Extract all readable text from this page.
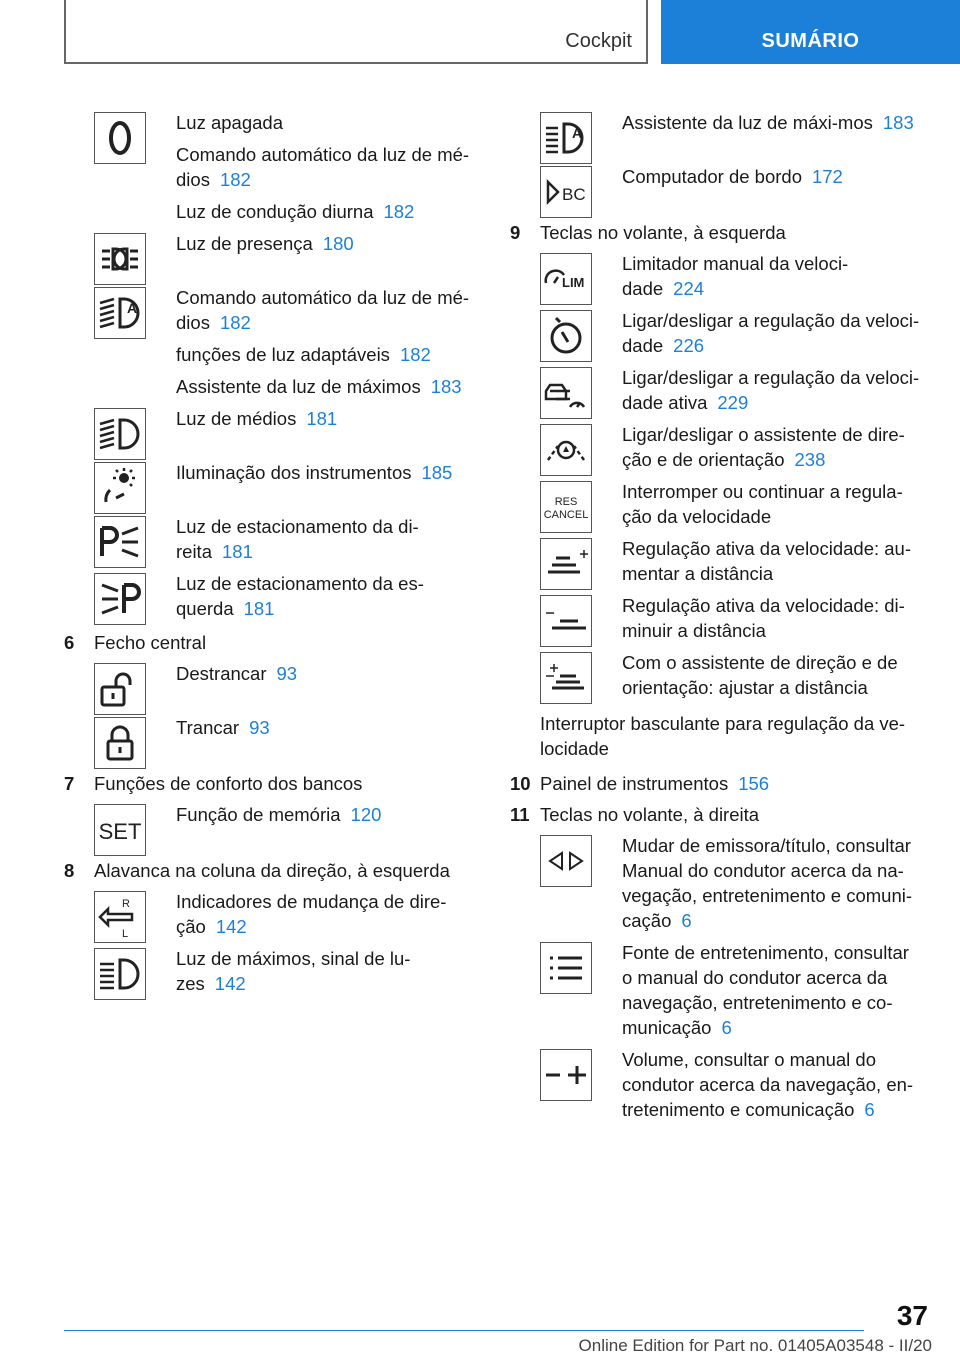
Cockpit	SUMÁRIO

Luz apagada

Comando automático da luz de mé-dios 182

Luz de condução diurna 182

Luz de presença 180

A Comando automático da luz de mé-dios 182

funções de luz adaptáveis 182

Assistente da luz de máximos 183

Luz de médios 181

Iluminação dos instrumentos 185

Luz de estacionamento da di-reita 181

Luz de estacionamento da es-querda 181

6	Fecho central

Destrancar 93

Trancar 93

7	Funções de conforto dos bancos
SET

Função de memória 120

8	Alavanca na coluna da direção, à esquerda
R
L

Indicadores de mudança de dire-ção 142

Luz de máximos, sinal de lu-zes 142

A Assistente da luz de máxi-mos 183

BC

Computador de bordo 172

9	Teclas no volante, à esquerda
LIM

Limitador manual da veloci-dade 224

Ligar/desligar a regulação da veloci-dade 226

Ligar/desligar a regulação da veloci-dade ativa 229

Ligar/desligar o assistente de dire-ção e de orientação 238

RES
CANCEL

Interromper ou continuar a regula-ção da velocidade

Regulação ativa da velocidade: au-mentar a distância

Regulação ativa da velocidade: di-minuir a distância

Com o assistente de direção e de orientação: ajustar a distância

Interruptor basculante para regulação da ve-locidade
10 Painel de instrumentos 156
11 Teclas no volante, à direita

Mudar de emissora/título, consultar Manual do condutor acerca da na-vegação, entretenimento e comuni-cação 6

Fonte de entretenimento, consultar o manual do condutor acerca da navegação, entretenimento e co-municação 6

Volume, consultar o manual do condutor acerca da navegação, en-tretenimento e comunicação 6

37
Online Edition for Part no. 01405A03548 - II/20
